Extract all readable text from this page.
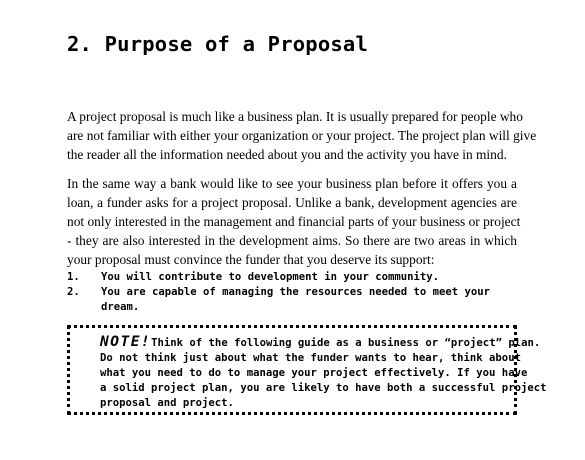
2. Purpose of a Proposal
A project proposal is much like a business plan. It is usually prepared for people who
are not familiar with either your organization or your project. The project plan will give
the reader all the information needed about you and the activity you have in mind.
In the same way a bank would like to see your business plan before it offers you a
loan, a funder asks for a project proposal. Unlike a bank, development agencies are
not only interested in the management and financial parts of your business or project
- they are also interested in the development aims. So there are two areas in which
your proposal must convince the funder that you deserve its support:
1. You will contribute to development in your community.
2. You are capable of managing the resources needed to meet your
dream.
NOTE!Think of the following guide as a business or “project” plan.
Do not think just about what the funder wants to hear, think about
what you need to do to manage your project effectively. If you have
a solid project plan, you are likely to have both a successful project
proposal and project.
